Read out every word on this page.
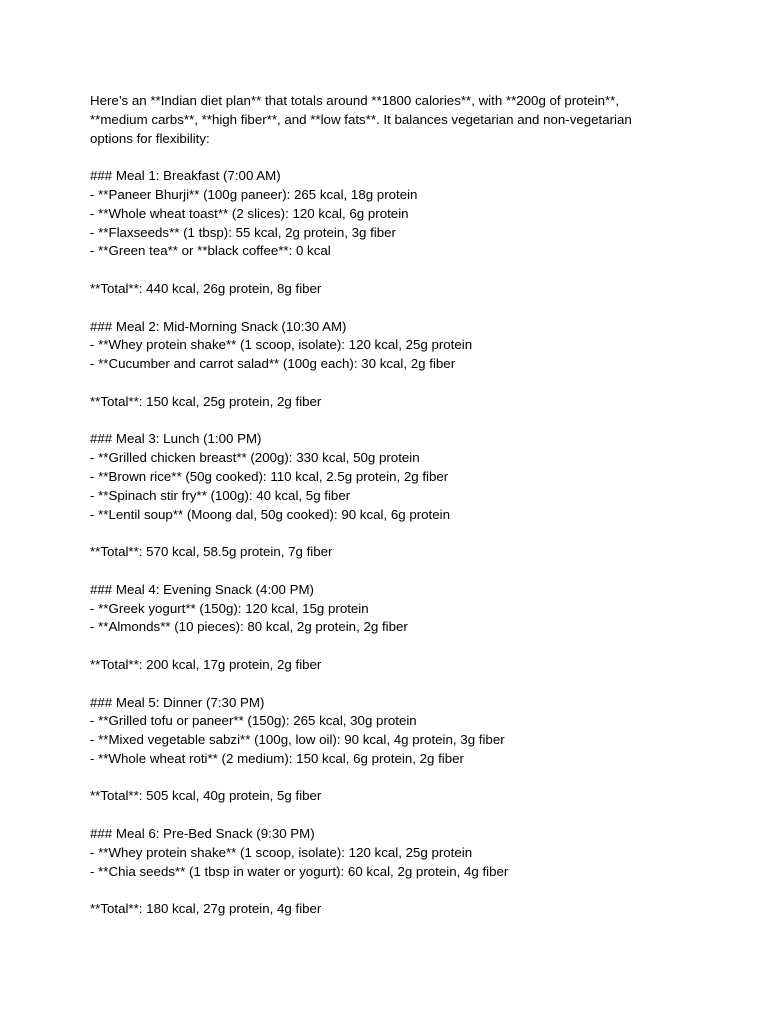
Here’s an **Indian diet plan** that totals around **1800 calories**, with **200g of protein**,
**medium carbs**, **high fiber**, and **low fats**. It balances vegetarian and non-vegetarian
options for flexibility:
### Meal 1: Breakfast (7:00 AM)
- **Paneer Bhurji** (100g paneer): 265 kcal, 18g protein
- **Whole wheat toast** (2 slices): 120 kcal, 6g protein
- **Flaxseeds** (1 tbsp): 55 kcal, 2g protein, 3g fiber
- **Green tea** or **black coffee**: 0 kcal
**Total**: 440 kcal, 26g protein, 8g fiber
### Meal 2: Mid-Morning Snack (10:30 AM)
- **Whey protein shake** (1 scoop, isolate): 120 kcal, 25g protein
- **Cucumber and carrot salad** (100g each): 30 kcal, 2g fiber
**Total**: 150 kcal, 25g protein, 2g fiber
### Meal 3: Lunch (1:00 PM)
- **Grilled chicken breast** (200g): 330 kcal, 50g protein
- **Brown rice** (50g cooked): 110 kcal, 2.5g protein, 2g fiber
- **Spinach stir fry** (100g): 40 kcal, 5g fiber
- **Lentil soup** (Moong dal, 50g cooked): 90 kcal, 6g protein
**Total**: 570 kcal, 58.5g protein, 7g fiber
### Meal 4: Evening Snack (4:00 PM)
- **Greek yogurt** (150g): 120 kcal, 15g protein
- **Almonds** (10 pieces): 80 kcal, 2g protein, 2g fiber
**Total**: 200 kcal, 17g protein, 2g fiber
### Meal 5: Dinner (7:30 PM)
- **Grilled tofu or paneer** (150g): 265 kcal, 30g protein
- **Mixed vegetable sabzi** (100g, low oil): 90 kcal, 4g protein, 3g fiber
- **Whole wheat roti** (2 medium): 150 kcal, 6g protein, 2g fiber
**Total**: 505 kcal, 40g protein, 5g fiber
### Meal 6: Pre-Bed Snack (9:30 PM)
- **Whey protein shake** (1 scoop, isolate): 120 kcal, 25g protein
- **Chia seeds** (1 tbsp in water or yogurt): 60 kcal, 2g protein, 4g fiber
**Total**: 180 kcal, 27g protein, 4g fiber
